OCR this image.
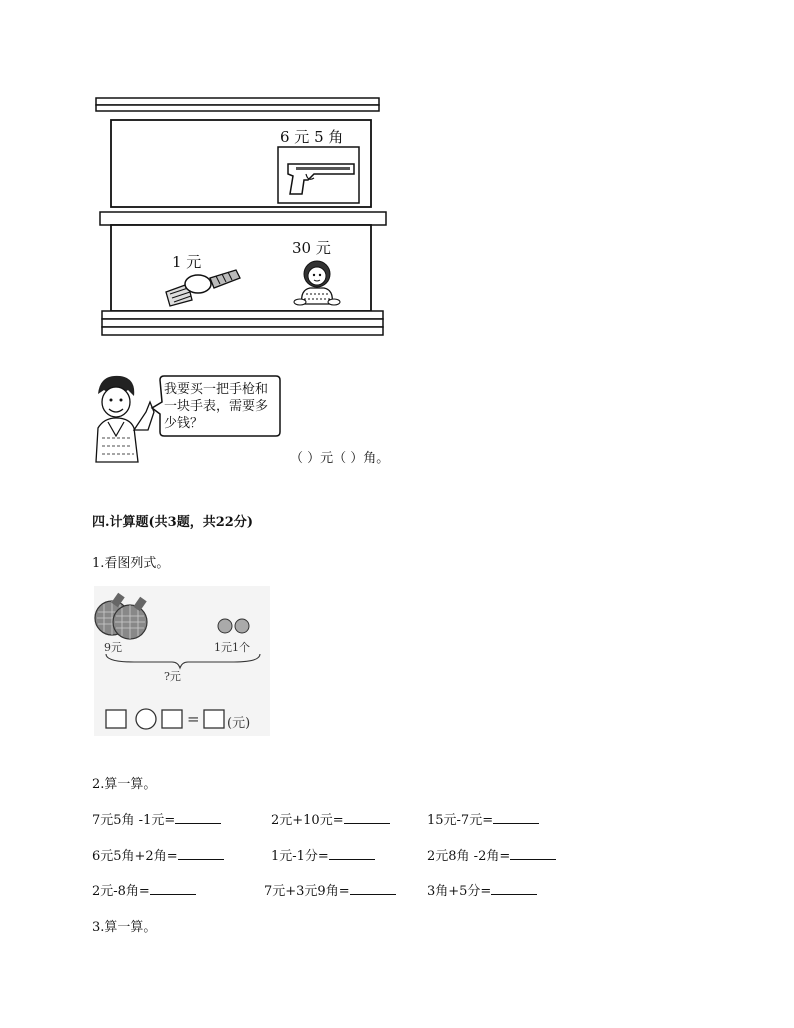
6 元 5 角
1 元
30 元
我要买一把手枪和
一块手表，需要多
少钱？
（ ）元（ ）角。
四.计算题(共3题，共22分)
1.看图列式。
9元	1元1个
?元
= (元)
2.算一算。
7元5角 -1元=	2元+10元=	15元-7元=
6元5角+2角=	1元-1分=	2元8角 -2角=
2元-8角=	7元+3元9角=	3角+5分=
3.算一算。
